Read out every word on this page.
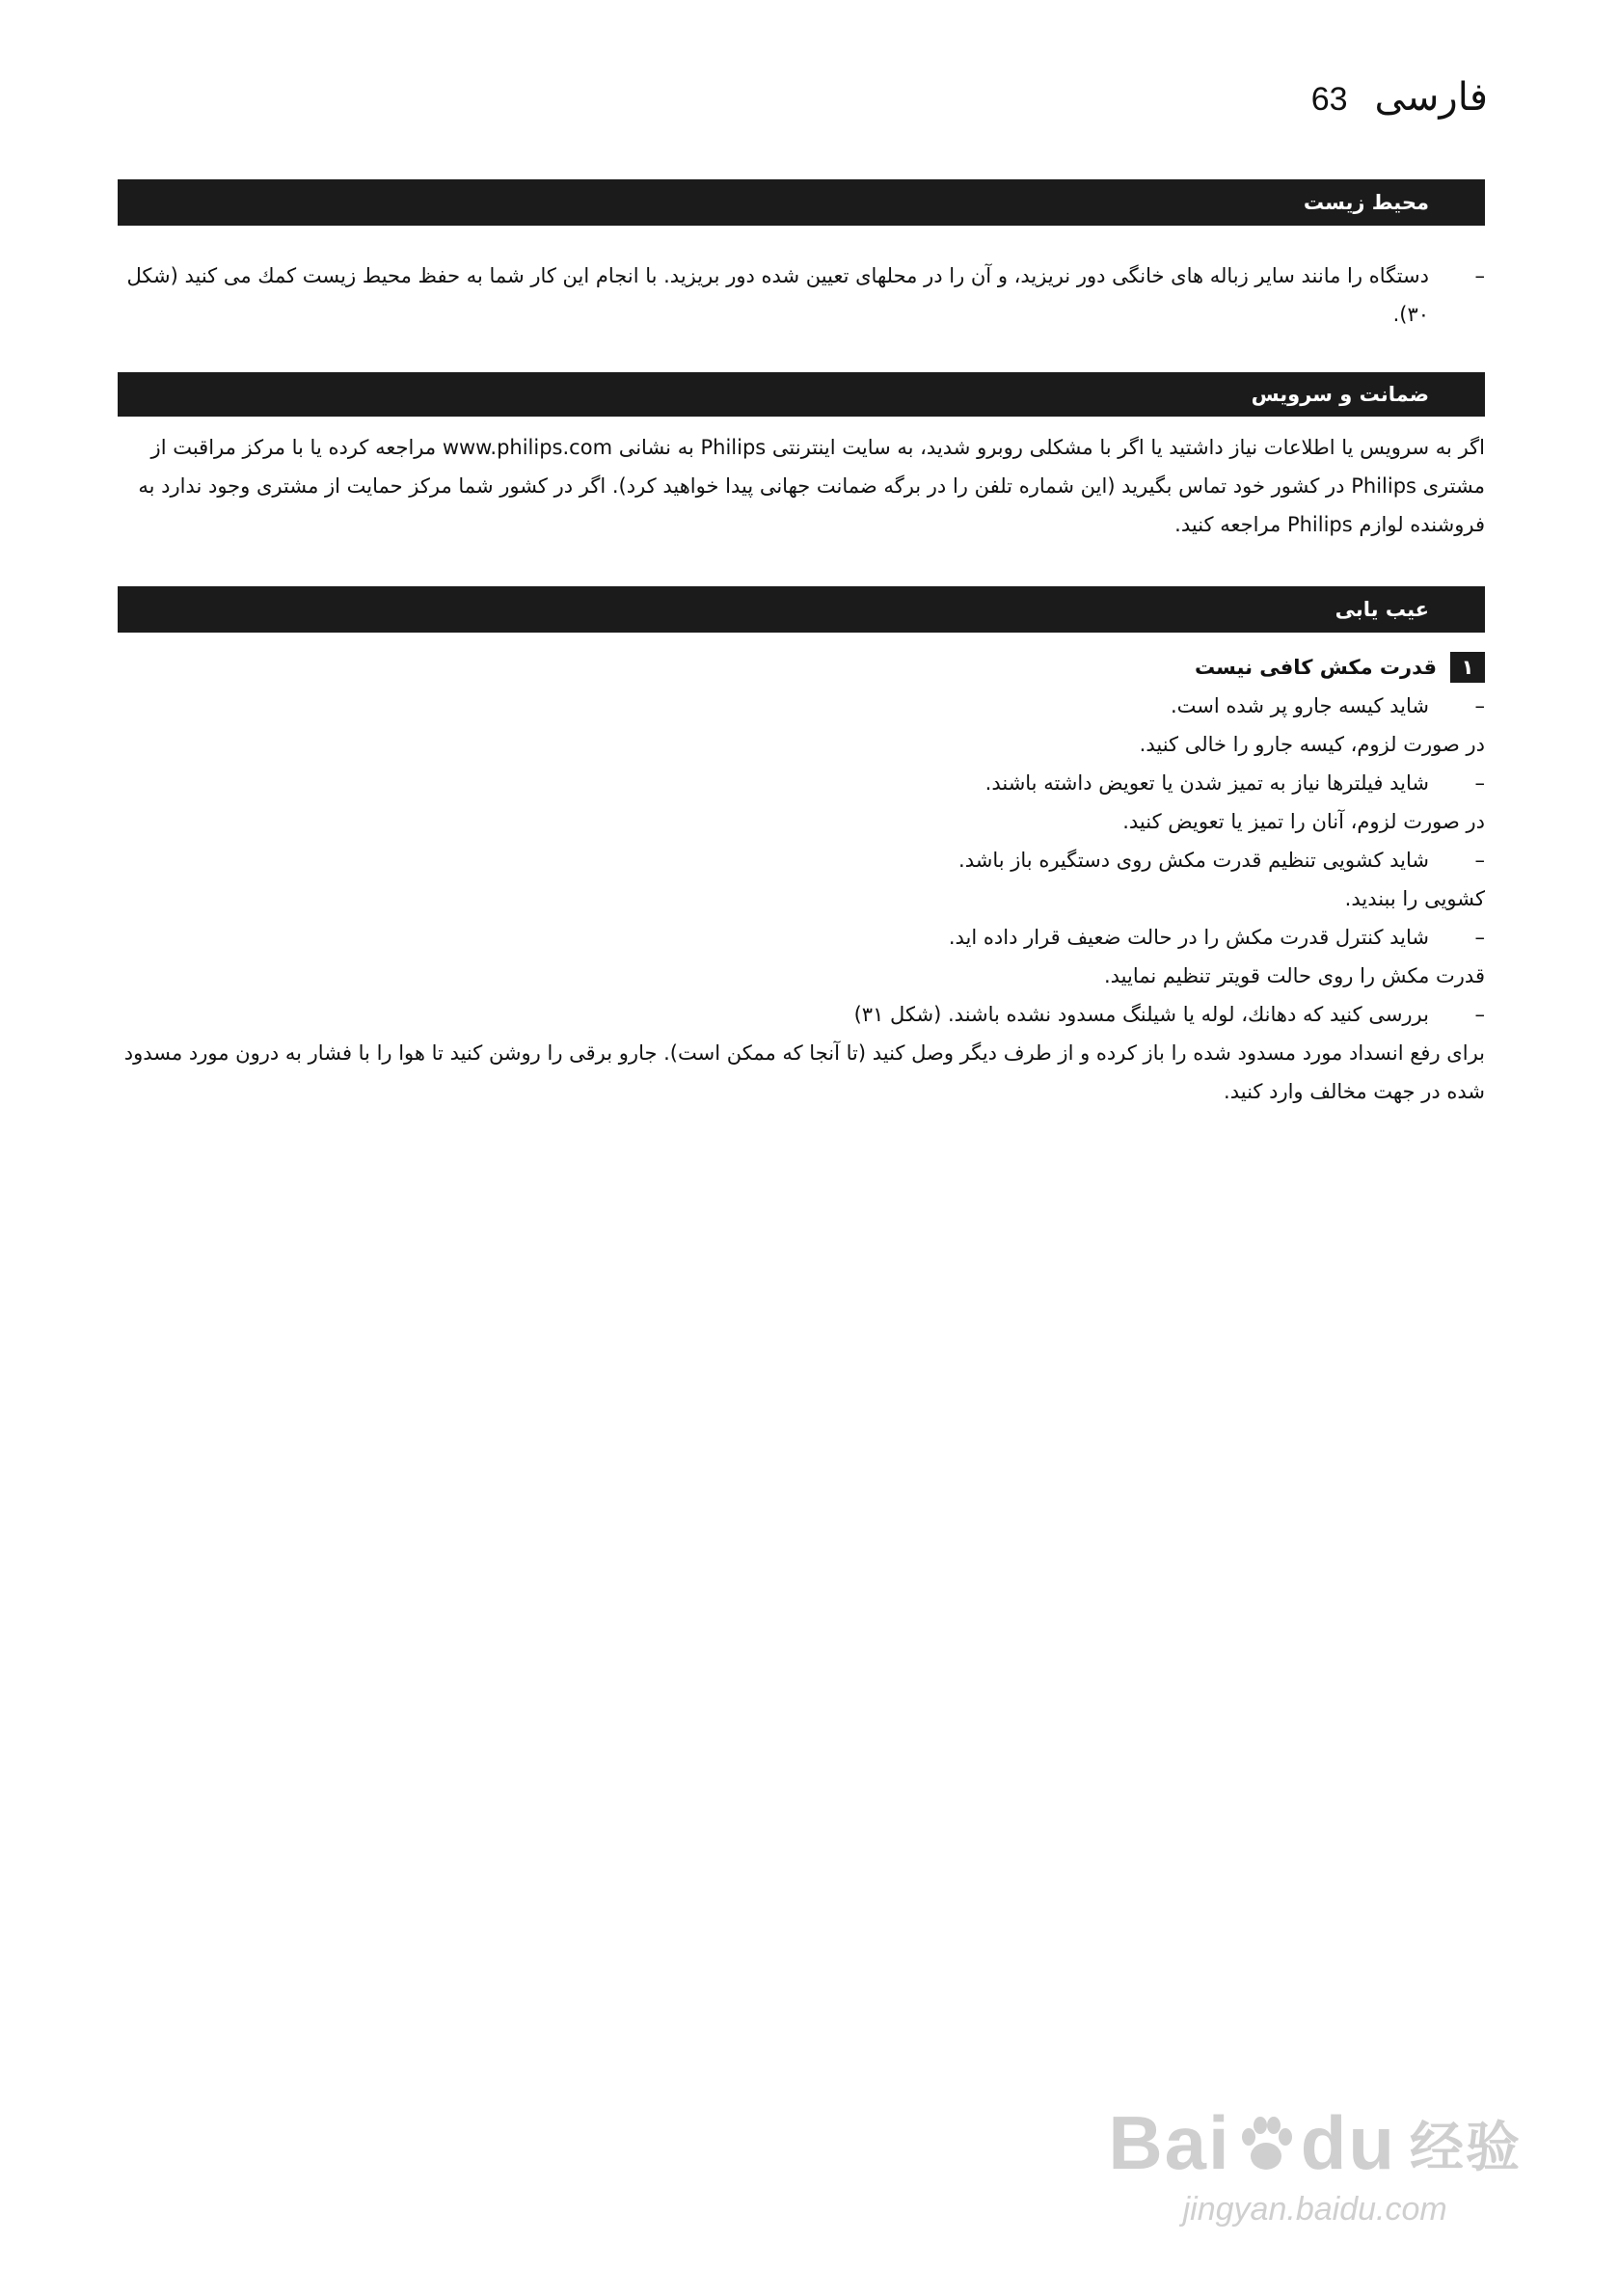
63 فارسی
محیط زیست
–
دستگاه را مانند سایر زباله های خانگی دور نریزید، و آن را در محلهای تعیین شده دور بریزید. با انجام این کار شما به حفظ محیط زیست کمك می کنید (شكل ۳۰).
ضمانت و سرویس

اگر به سرویس یا اطلاعات نیاز داشتید یا اگر با مشكلی روبرو شدید، به سایت اینترنتی Philips به نشانی www.philips.com مراجعه كرده یا با مركز مراقبت از مشتری Philips در كشور خود تماس بگیرید (این شماره تلفن را در برگه ضمانت جهانی پیدا خواهید كرد). اگر در كشور شما مركز حمایت از مشتری وجود ندارد به فروشنده لوازم Philips مراجعه كنید.

عیب یابی
۱
قدرت مكش كافی نیست
–
شاید كیسه جارو پر شده است.
در صورت لزوم، كیسه جارو را خالی كنید.
–
شاید فیلترها نیاز به تمیز شدن یا تعویض داشته باشند.
در صورت لزوم، آنان را تمیز یا تعویض كنید.
–
شاید كشویی تنظیم قدرت مكش روی دستگیره باز باشد.
كشویی را ببندید.
–
شاید كنترل قدرت مكش را در حالت ضعیف قرار داده اید.
قدرت مكش را روی حالت قویتر تنظیم نمایید.
–
بررسی كنید كه دهانك، لوله یا شیلنگ مسدود نشده باشند. (شكل ۳۱)
برای رفع انسداد مورد مسدود شده را باز كرده و از طرف دیگر وصل كنید (تا آنجا كه ممكن است). جارو برقی را روشن كنید تا هوا را با فشار به درون مورد مسدود شده در جهت مخالف وارد كنید.
Bai du 经验
jingyan.baidu.com
